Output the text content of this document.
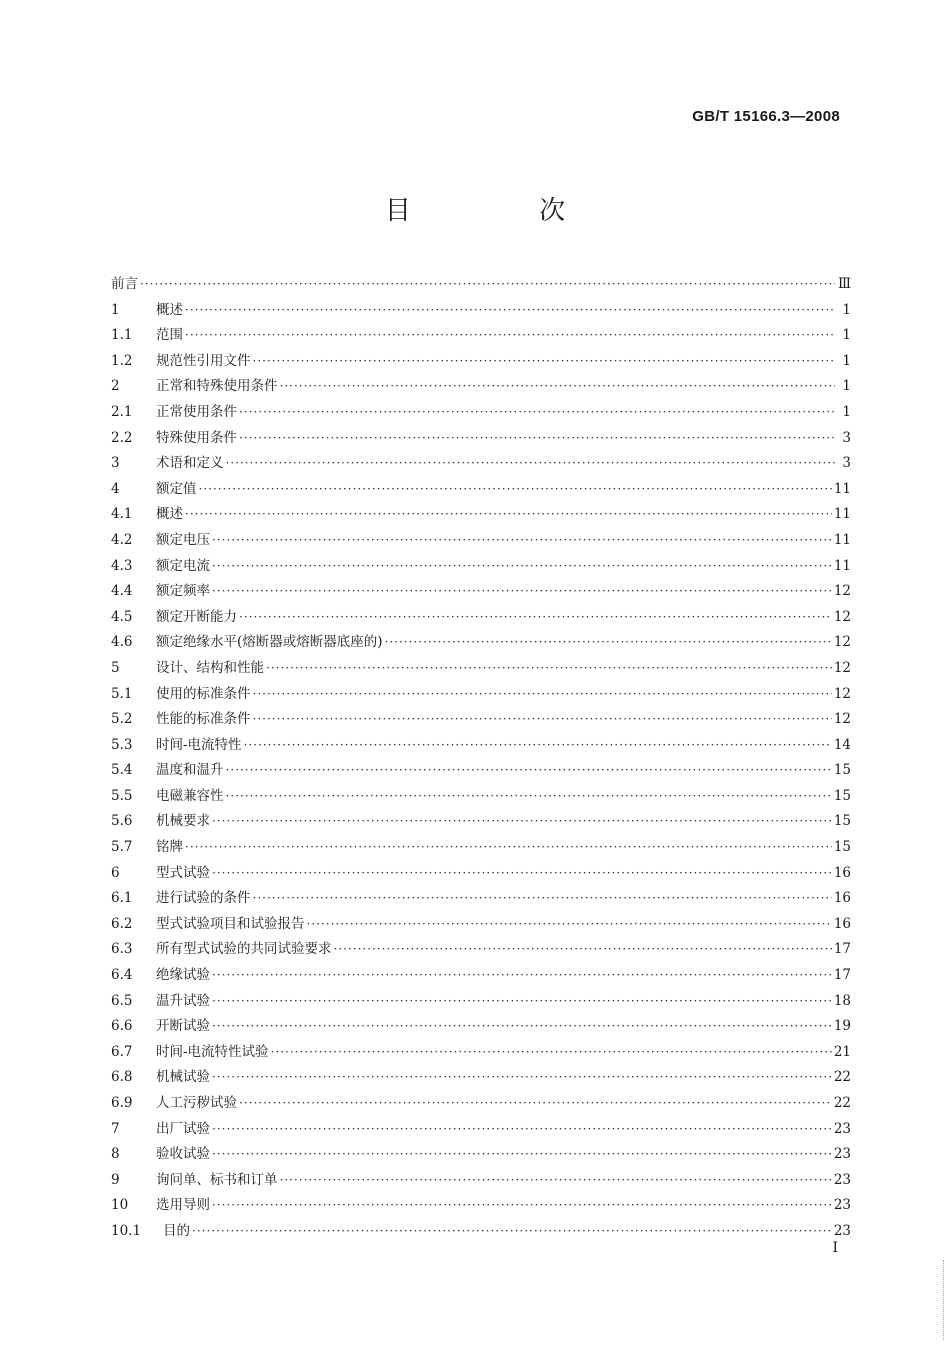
GB/T 15166.3—2008
目 次
前言 ·····	Ⅲ
1	概述 ·····	1
1.1	范围 ·····	1
1.2	规范性引用文件 ·····	1
2	正常和特殊使用条件 ·····	1
2.1	正常使用条件 ·····	1
2.2	特殊使用条件 ·····	3
3	术语和定义 ·····	3
4	额定值 ·····	11
4.1	概述 ·····	11
4.2	额定电压 ·····	11
4.3	额定电流 ·····	11
4.4	额定频率 ·····	12
4.5	额定开断能力 ·····	12
4.6	额定绝缘水平(熔断器或熔断器底座的) ·····	12
5	设计、结构和性能 ·····	12
5.1	使用的标准条件 ·····	12
5.2	性能的标准条件 ·····	12
5.3	时间-电流特性 ·····	14
5.4	温度和温升 ·····	15
5.5	电磁兼容性 ·····	15
5.6	机械要求 ·····	15
5.7	铭牌 ·····	15
6	型式试验 ·····	16
6.1	进行试验的条件 ·····	16
6.2	型式试验项目和试验报告 ·····	16
6.3	所有型式试验的共同试验要求 ·····	17
6.4	绝缘试验 ·····	17
6.5	温升试验 ·····	18
6.6	开断试验 ·····	19
6.7	时间-电流特性试验 ·····	21
6.8	机械试验 ·····	22
6.9	人工污秽试验 ·····	22
7	出厂试验 ·····	23
8	验收试验 ·····	23
9	询问单、标书和订单 ·····	23
10	选用导则 ·····	23
10.1	目的 ·····	23
I
